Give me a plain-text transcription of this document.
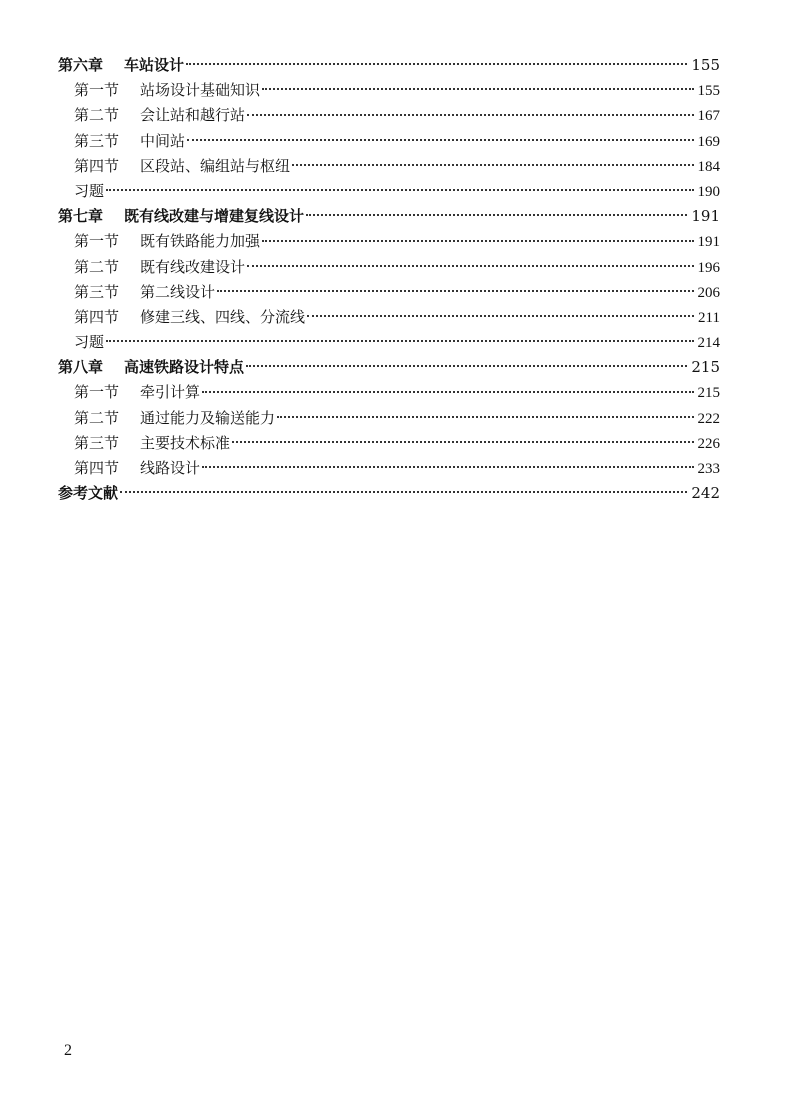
第六章	车站设计	155
第一节	站场设计基础知识	155
第二节	会让站和越行站	167
第三节	中间站	169
第四节	区段站、编组站与枢纽	184
习题	190
第七章	既有线改建与增建复线设计	191
第一节	既有铁路能力加强	191
第二节	既有线改建设计	196
第三节	第二线设计	206
第四节	修建三线、四线、分流线	211
习题	214
第八章	高速铁路设计特点	215
第一节	牵引计算	215
第二节	通过能力及输送能力	222
第三节	主要技术标准	226
第四节	线路设计	233
参考文献	242
2
